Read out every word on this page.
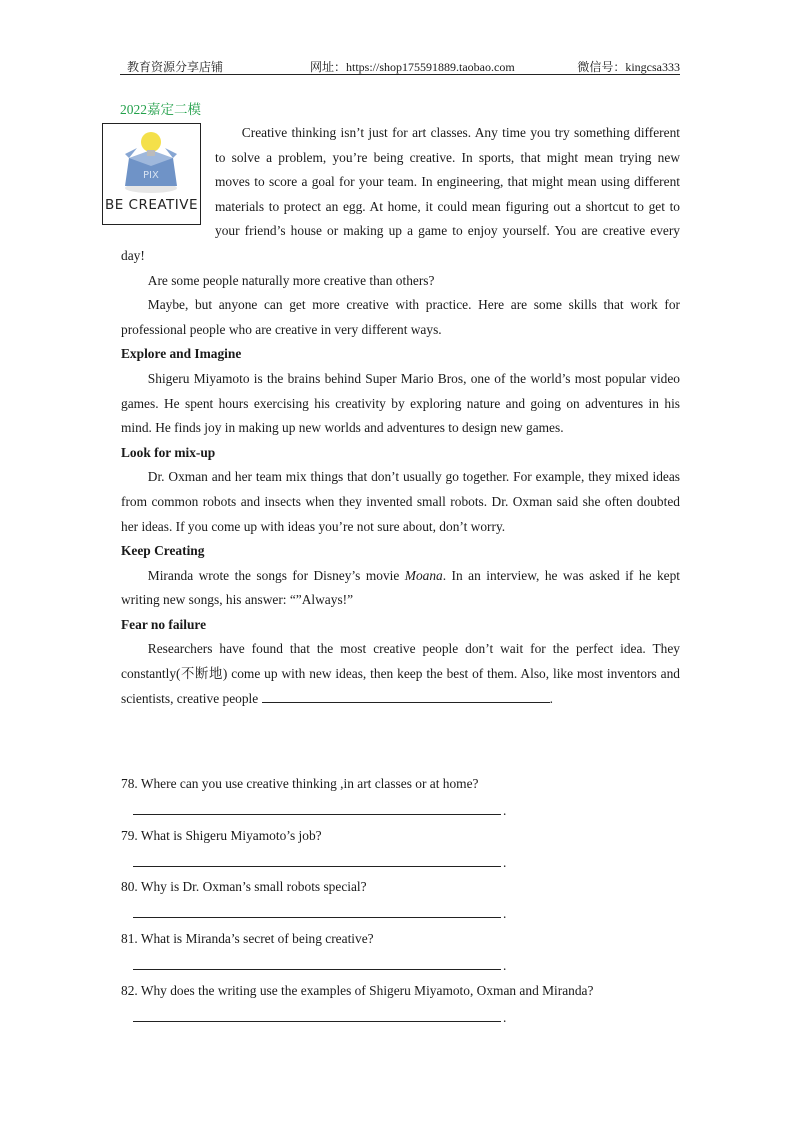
教育资源分享店铺	网址：https://shop175591889.taobao.com	微信号：kingcsa333
2022嘉定二模
PIX
BE CREATIVE

Creative thinking isn’t just for art classes. Any time you try something different to solve a problem, you’re being creative. In sports, that might mean trying new moves to score a goal for your team. In engineering, that might mean using different materials to protect an egg. At home, it could mean figuring out a shortcut to get to your friend’s house or making up a game to enjoy yourself. You are creative every day!

Are some people naturally more creative than others?

Maybe, but anyone can get more creative with practice. Here are some skills that work for professional people who are creative in very different ways.

Explore and Imagine

Shigeru Miyamoto is the brains behind Super Mario Bros, one of the world’s most popular video games. He spent hours exercising his creativity by exploring nature and going on adventures in his mind. He finds joy in making up new worlds and adventures to design new games.

Look for mix-up

Dr. Oxman and her team mix things that don’t usually go together. For example, they mixed ideas from common robots and insects when they invented small robots. Dr. Oxman said she often doubted her ideas. If you come up with ideas you’re not sure about, don’t worry.

Keep Creating

Miranda wrote the songs for Disney’s movie Moana. In an interview, he was asked if he kept writing new songs, his answer: “”Always!”

Fear no failure

Researchers have found that the most creative people don’t wait for the perfect idea. They constantly(不断地) come up with new ideas, then keep the best of them. Also, like most inventors and scientists, creative people	.

78. Where can you use creative thinking ,in art classes or at home?
.
79. What is Shigeru Miyamoto’s job?
.
80. Why is Dr. Oxman’s small robots special?
.
81. What is Miranda’s secret of being creative?
.
82. Why does the writing use the examples of Shigeru Miyamoto, Oxman and Miranda?
.
